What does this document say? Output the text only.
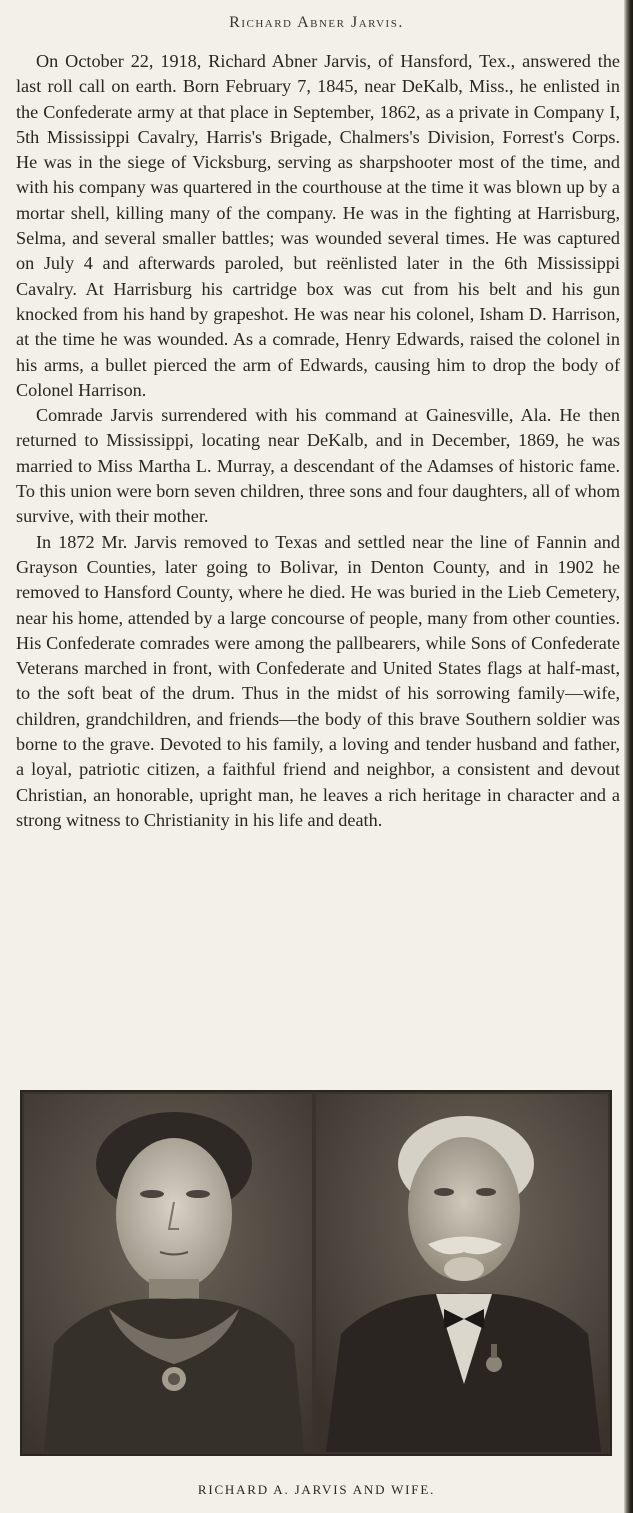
Richard Abner Jarvis.

On October 22, 1918, Richard Abner Jarvis, of Hansford, Tex., answered the last roll call on earth. Born February 7, 1845, near DeKalb, Miss., he enlisted in the Confederate army at that place in September, 1862, as a private in Company I, 5th Mississippi Cavalry, Harris's Brigade, Chalmers's Division, Forrest's Corps. He was in the siege of Vicksburg, serving as sharpshooter most of the time, and with his company was quartered in the courthouse at the time it was blown up by a mortar shell, killing many of the company. He was in the fighting at Harrisburg, Selma, and several smaller battles; was wounded several times. He was captured on July 4 and afterwards paroled, but reënlisted later in the 6th Mississippi Cavalry. At Harrisburg his cartridge box was cut from his belt and his gun knocked from his hand by grapeshot. He was near his colonel, Isham D. Harrison, at the time he was wounded. As a comrade, Henry Edwards, raised the colonel in his arms, a bullet pierced the arm of Edwards, causing him to drop the body of Colonel Harrison.

Comrade Jarvis surrendered with his command at Gainesville, Ala. He then returned to Mississippi, locating near DeKalb, and in December, 1869, he was married to Miss Martha L. Murray, a descendant of the Adamses of historic fame. To this union were born seven children, three sons and four daughters, all of whom survive, with their mother.

In 1872 Mr. Jarvis removed to Texas and settled near the line of Fannin and Grayson Counties, later going to Bolivar, in Denton County, and in 1902 he removed to Hansford County, where he died. He was buried in the Lieb Cemetery, near his home, attended by a large concourse of people, many from other counties. His Confederate comrades were among the pallbearers, while Sons of Confederate Veterans marched in front, with Confederate and United States flags at half-mast, to the soft beat of the drum. Thus in the midst of his sorrowing family—wife, children, grandchildren, and friends—the body of this brave Southern soldier was borne to the grave. Devoted to his family, a loving and tender husband and father, a loyal, patriotic citizen, a faithful friend and neighbor, a consistent and devout Christian, an honorable, upright man, he leaves a rich heritage in character and a strong witness to Christianity in his life and death.

RICHARD A. JARVIS AND WIFE.
